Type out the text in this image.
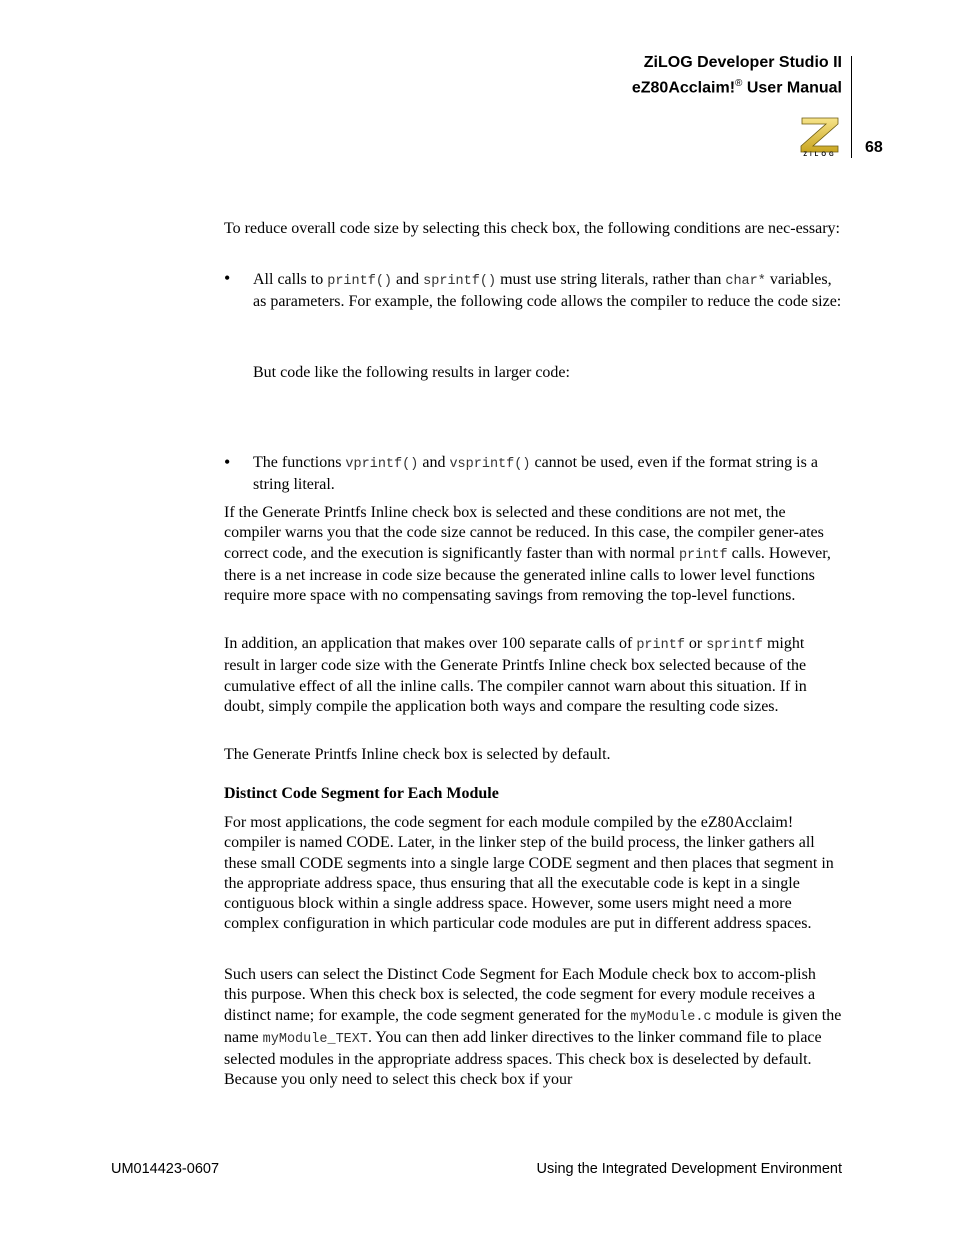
ZiLOG Developer Studio II
eZ80Acclaim!® User Manual
ZiLOG	68

To reduce overall code size by selecting this check box, the following conditions are nec-essary:

• All calls to printf() and sprintf() must use string literals, rather than char* variables, as parameters. For example, the following code allows the compiler to reduce the code size:
But code like the following results in larger code:
• The functions vprintf() and vsprintf() cannot be used, even if the format string is a string literal.
If the Generate Printfs Inline check box is selected and these conditions are not met, the compiler warns you that the code size cannot be reduced. In this case, the compiler gener-ates correct code, and the execution is significantly faster than with normal printf calls. However, there is a net increase in code size because the generated inline calls to lower level functions require more space with no compensating savings from removing the top-level functions.
In addition, an application that makes over 100 separate calls of printf or sprintf might result in larger code size with the Generate Printfs Inline check box selected because of the cumulative effect of all the inline calls. The compiler cannot warn about this situation. If in doubt, simply compile the application both ways and compare the resulting code sizes.
The Generate Printfs Inline check box is selected by default.
Distinct Code Segment for Each Module
For most applications, the code segment for each module compiled by the eZ80Acclaim! compiler is named CODE. Later, in the linker step of the build process, the linker gathers all these small CODE segments into a single large CODE segment and then places that segment in the appropriate address space, thus ensuring that all the executable code is kept in a single contiguous block within a single address space. However, some users might need a more complex configuration in which particular code modules are put in different address spaces.
Such users can select the Distinct Code Segment for Each Module check box to accom-plish this purpose. When this check box is selected, the code segment for every module receives a distinct name; for example, the code segment generated for the myModule.c module is given the name myModule_TEXT. You can then add linker directives to the linker command file to place selected modules in the appropriate address spaces. This check box is deselected by default. Because you only need to select this check box if your
UM014423-0607	Using the Integrated Development Environment
